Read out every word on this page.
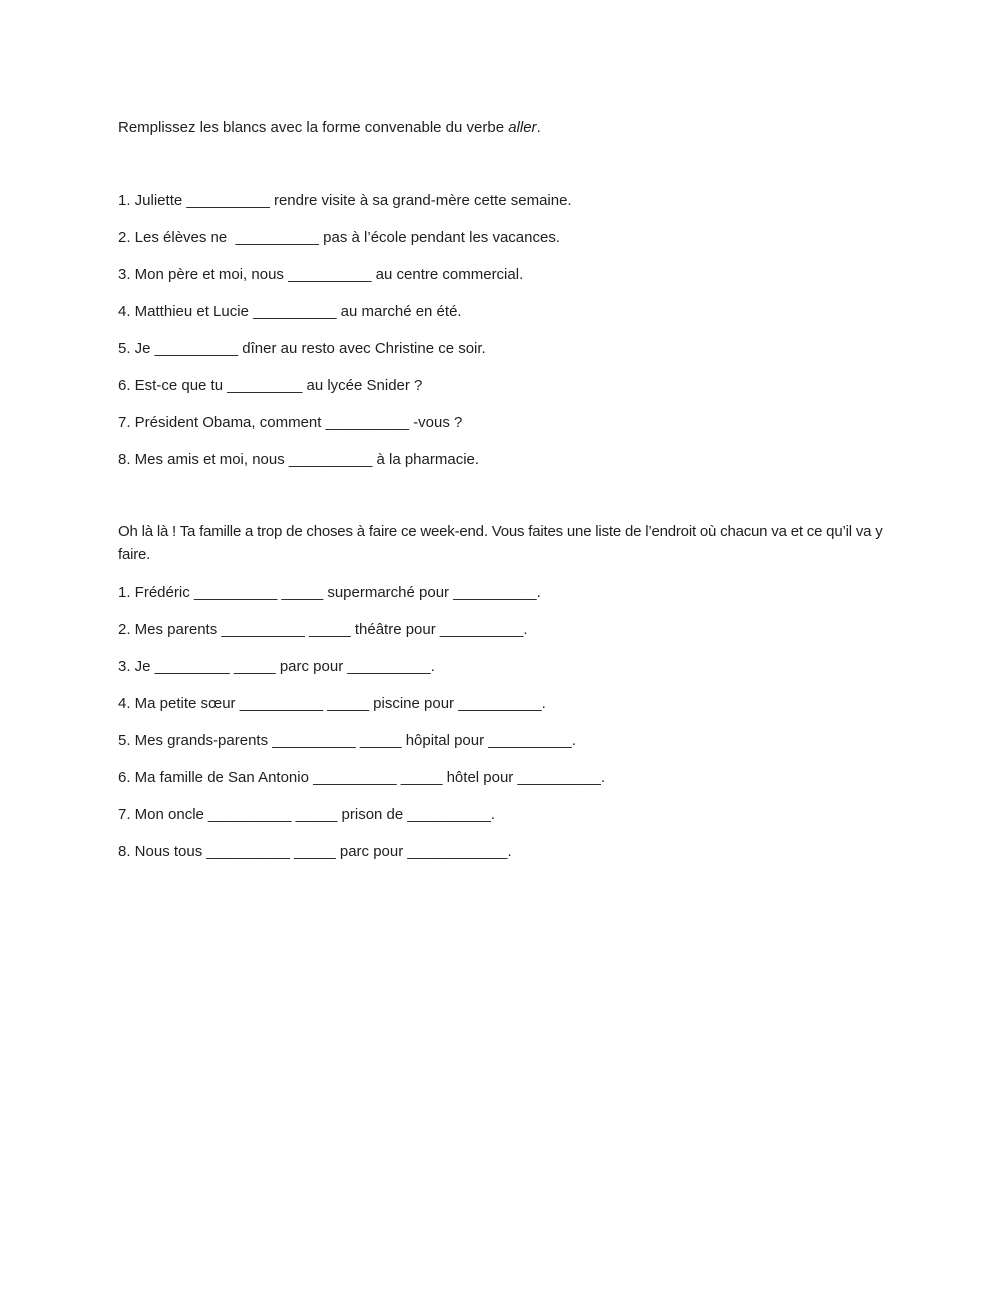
Remplissez les blancs avec la forme convenable du verbe aller.

1. Juliette __________ rendre visite à sa grand-mère cette semaine.

2. Les élèves ne  __________ pas à l’école pendant les vacances.

3. Mon père et moi, nous __________ au centre commercial.

4. Matthieu et Lucie __________ au marché en été.

5. Je __________ dîner au resto avec Christine ce soir.

6. Est-ce que tu _________ au lycée Snider ?

7. Président Obama, comment __________ -vous ?

8. Mes amis et moi, nous __________ à la pharmacie.

Oh là là ! Ta famille a trop de choses à faire ce week-end. Vous faites une liste de l’endroit où chacun va et ce qu’il va y faire.

1. Frédéric __________ _____ supermarché pour __________.

2. Mes parents __________ _____ théâtre pour __________.

3. Je _________ _____ parc pour __________.

4. Ma petite sœur __________ _____ piscine pour __________.

5. Mes grands-parents __________ _____ hôpital pour __________.

6. Ma famille de San Antonio __________ _____ hôtel pour __________.

7. Mon oncle __________ _____ prison de __________.

8. Nous tous __________ _____ parc pour ____________.
